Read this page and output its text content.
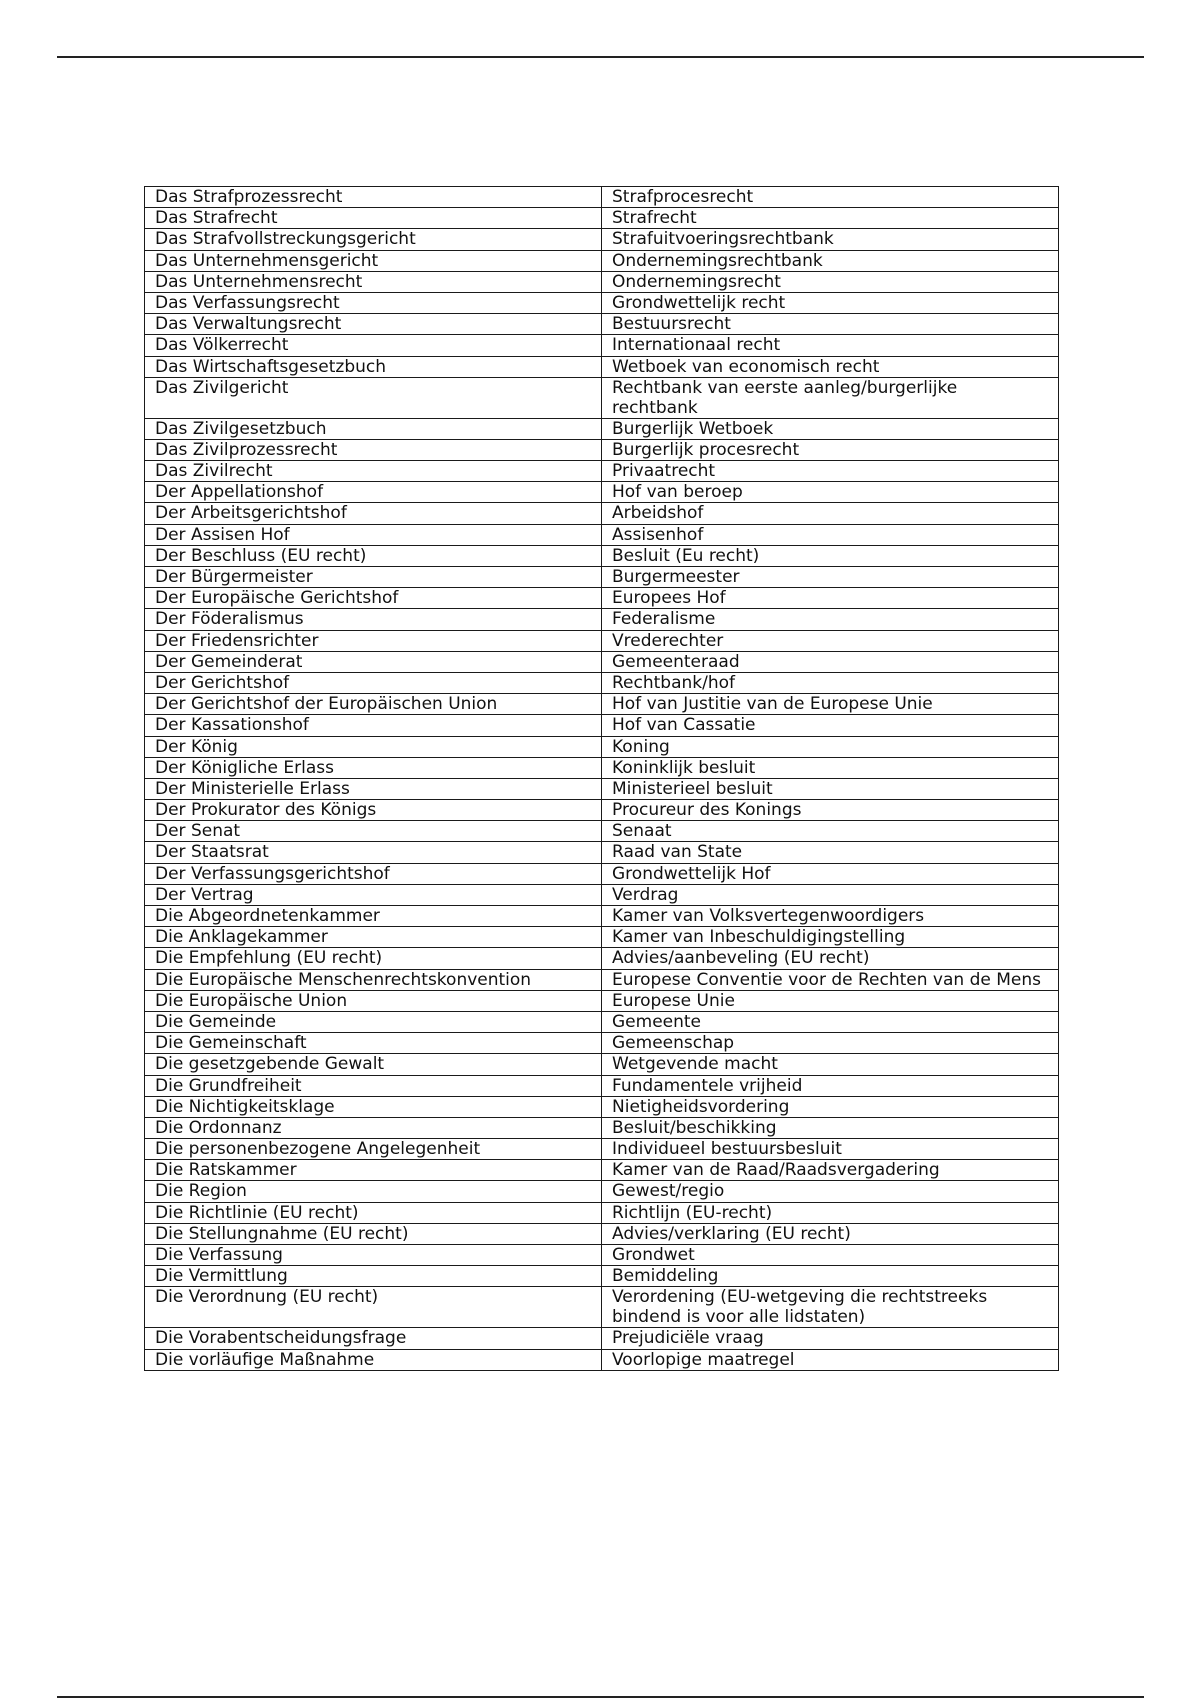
Das Strafprozessrecht	Strafprocesrecht
Das Strafrecht	Strafrecht
Das Strafvollstreckungsgericht	Strafuitvoeringsrechtbank
Das Unternehmensgericht	Ondernemingsrechtbank
Das Unternehmensrecht	Ondernemingsrecht
Das Verfassungsrecht	Grondwettelijk recht
Das Verwaltungsrecht	Bestuursrecht
Das Völkerrecht	Internationaal recht
Das Wirtschaftsgesetzbuch	Wetboek van economisch recht
Das Zivilgericht	Rechtbank van eerste aanleg/burgerlijke rechtbank
Das Zivilgesetzbuch	Burgerlijk Wetboek
Das Zivilprozessrecht	Burgerlijk procesrecht
Das Zivilrecht	Privaatrecht
Der Appellationshof	Hof van beroep
Der Arbeitsgerichtshof	Arbeidshof
Der Assisen Hof	Assisenhof
Der Beschluss (EU recht)	Besluit (Eu recht)
Der Bürgermeister	Burgermeester
Der Europäische Gerichtshof	Europees Hof
Der Föderalismus	Federalisme
Der Friedensrichter	Vrederechter
Der Gemeinderat	Gemeenteraad
Der Gerichtshof	Rechtbank/hof
Der Gerichtshof der Europäischen Union	Hof van Justitie van de Europese Unie
Der Kassationshof	Hof van Cassatie
Der König	Koning
Der Königliche Erlass	Koninklijk besluit
Der Ministerielle Erlass	Ministerieel besluit
Der Prokurator des Königs	Procureur des Konings
Der Senat	Senaat
Der Staatsrat	Raad van State
Der Verfassungsgerichtshof	Grondwettelijk Hof
Der Vertrag	Verdrag
Die Abgeordnetenkammer	Kamer van Volksvertegenwoordigers
Die Anklagekammer	Kamer van Inbeschuldigingstelling
Die Empfehlung (EU recht)	Advies/aanbeveling (EU recht)
Die Europäische Menschenrechtskonvention	Europese Conventie voor de Rechten van de Mens
Die Europäische Union	Europese Unie
Die Gemeinde	Gemeente
Die Gemeinschaft	Gemeenschap
Die gesetzgebende Gewalt	Wetgevende macht
Die Grundfreiheit	Fundamentele vrijheid
Die Nichtigkeitsklage	Nietigheidsvordering
Die Ordonnanz	Besluit/beschikking
Die personenbezogene Angelegenheit	Individueel bestuursbesluit
Die Ratskammer	Kamer van de Raad/Raadsvergadering
Die Region	Gewest/regio
Die Richtlinie (EU recht)	Richtlijn (EU-recht)
Die Stellungnahme (EU recht)	Advies/verklaring (EU recht)
Die Verfassung	Grondwet
Die Vermittlung	Bemiddeling
Die Verordnung (EU recht)	Verordening (EU-wetgeving die rechtstreeks bindend is voor alle lidstaten)
Die Vorabentscheidungsfrage	Prejudiciële vraag
Die vorläufige Maßnahme	Voorlopige maatregel
